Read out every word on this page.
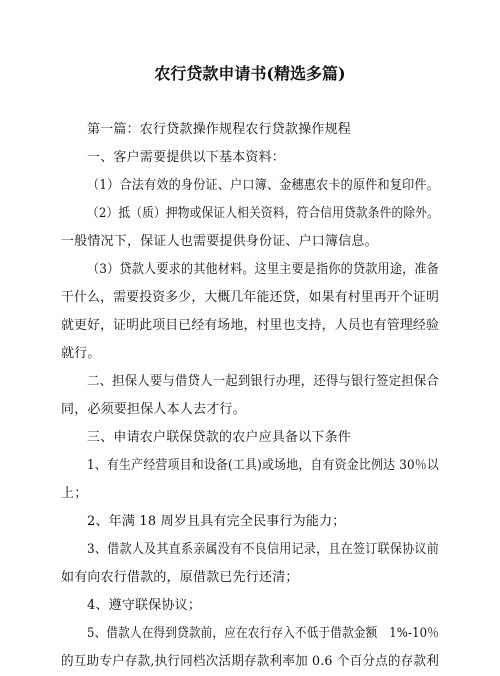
农行贷款申请书(精选多篇)
第一篇：农行贷款操作规程农行贷款操作规程
一、客户需要提供以下基本资料：
（1）合法有效的身份证、户口簿、金穗惠农卡的原件和复印件。
（2）抵（质）押物或保证人相关资料，符合信用贷款条件的除外。
一般情况下，保证人也需要提供身份证、户口簿信息。
（3）贷款人要求的其他材料。这里主要是指你的贷款用途，准备
干什么，需要投资多少，大概几年能还贷，如果有村里再开个证明
就更好，证明此项目已经有场地，村里也支持，人员也有管理经验
就行。
二、担保人要与借贷人一起到银行办理，还得与银行签定担保合
同，必须要担保人本人去才行。
三、申请农户联保贷款的农户应具备以下条件
1、有生产经营项目和设备(工具)或场地，自有资金比例达 30％以
上；
2、年满 18 周岁且具有完全民事行为能力；
3、借款人及其直系亲属没有不良信用记录，且在签订联保协议前
如有向农行借款的，原借款已先行还清；
4、遵守联保协议；
5、借款人在得到贷款前，应在农行存入不低于借款金额　1%-10％
的互助专户存款,执行同档次活期存款利率加 0.6 个百分点的存款利
